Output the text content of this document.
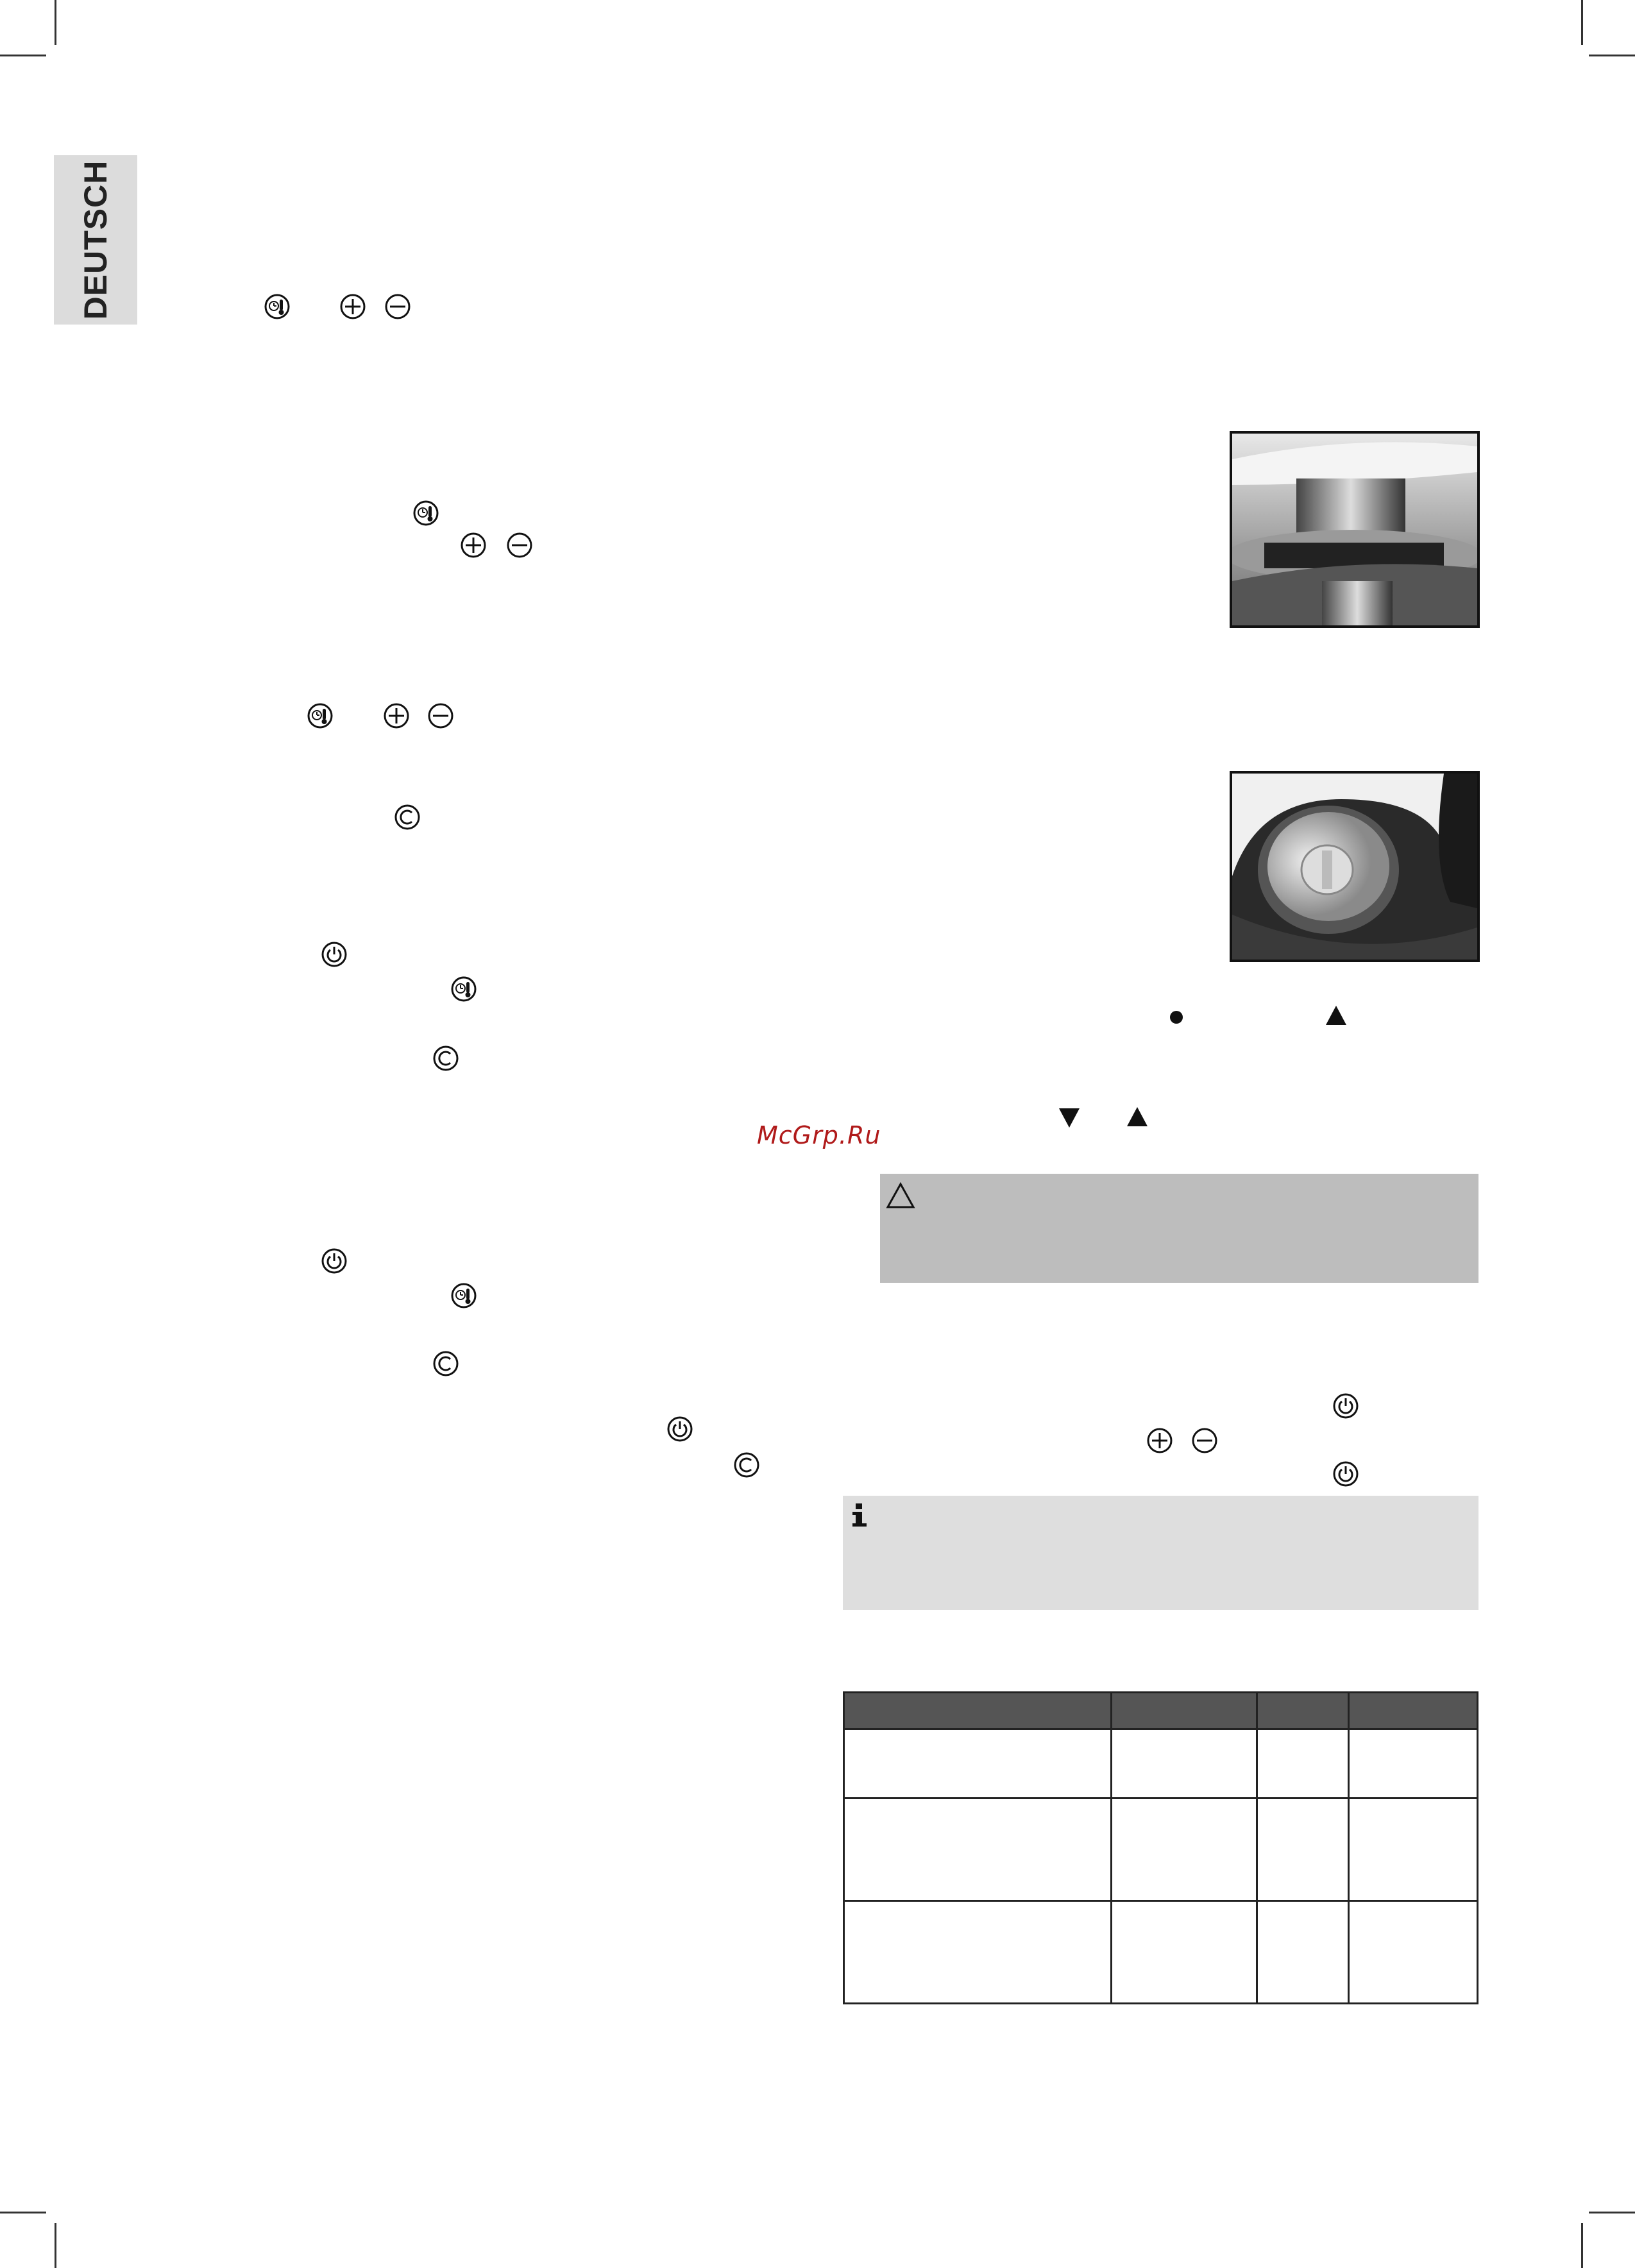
DEUTSCH
McGrp.Ru
